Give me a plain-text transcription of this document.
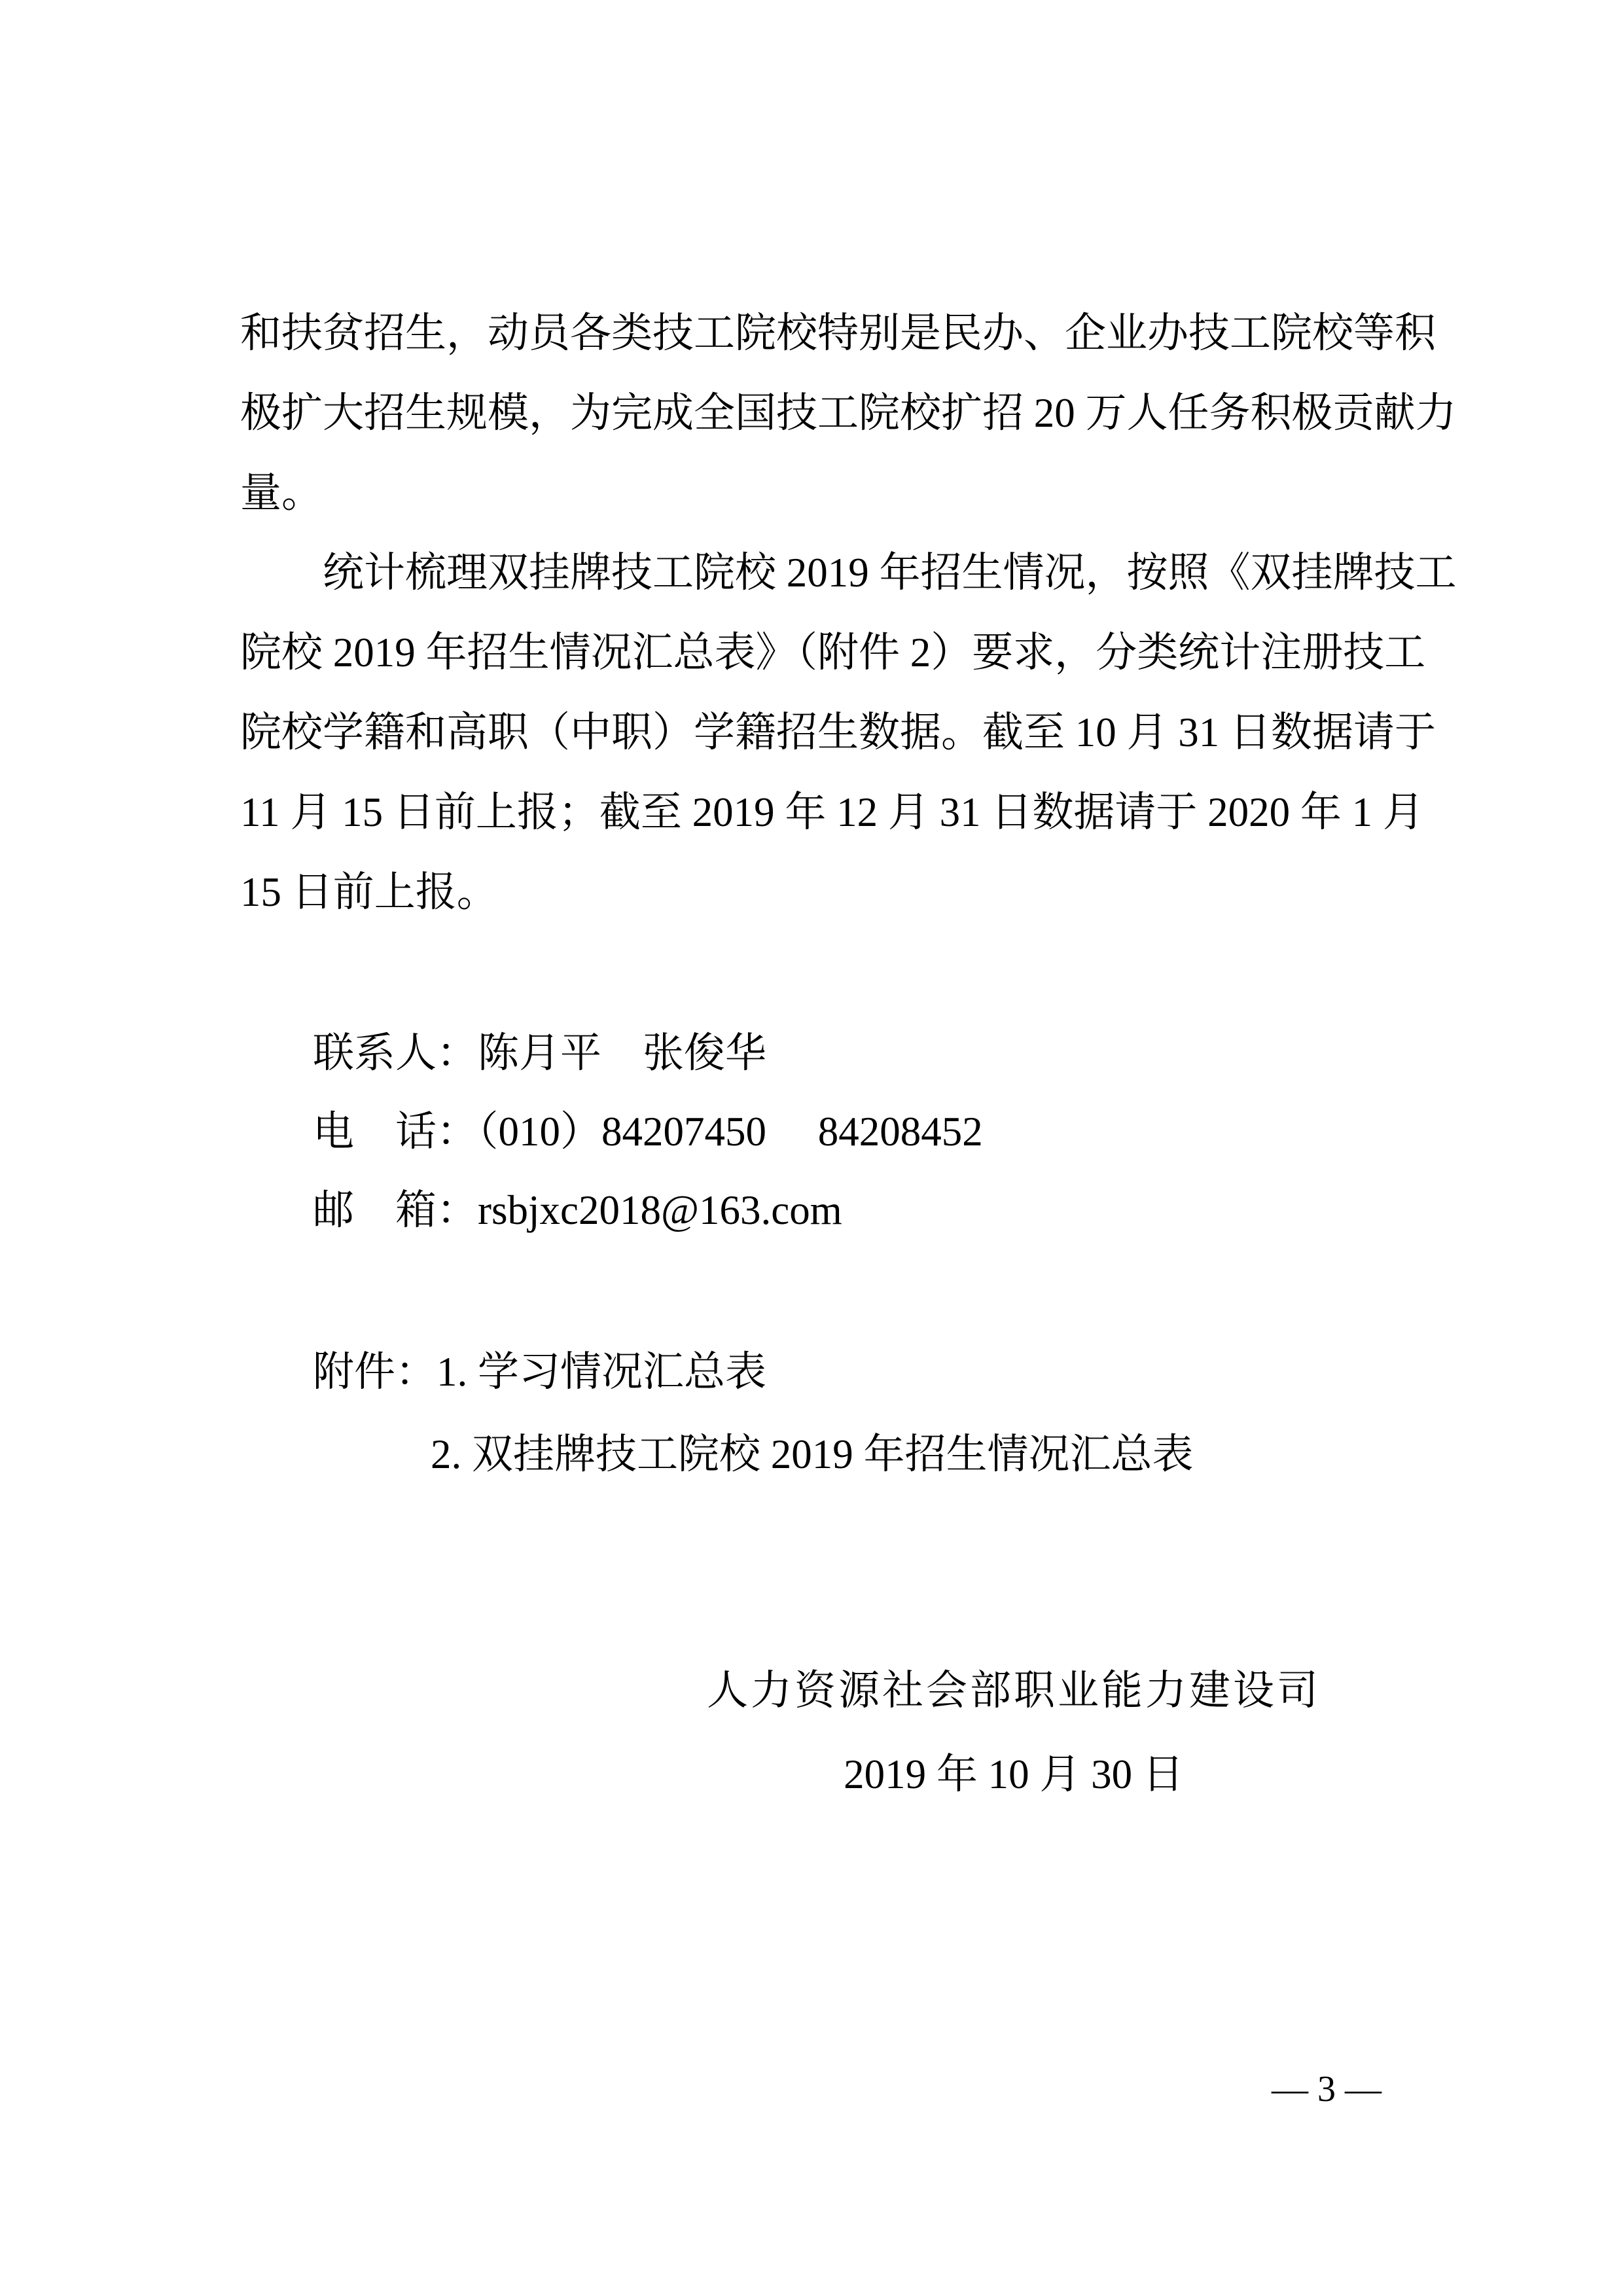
和扶贫招生，动员各类技工院校特别是民办、企业办技工院校等积
极扩大招生规模，为完成全国技工院校扩招 20 万人任务积极贡献力
量。
统计梳理双挂牌技工院校 2019 年招生情况，按照《双挂牌技工
院校 2019 年招生情况汇总表》（附件 2）要求，分类统计注册技工
院校学籍和高职（中职）学籍招生数据。截至 10 月 31 日数据请于
11 月 15 日前上报；截至 2019 年 12 月 31 日数据请于 2020 年 1 月
15 日前上报。
联系人：陈月平　张俊华
电　话：（010）84207450　 84208452
邮　箱：rsbjxc2018@163.com
附件：1. 学习情况汇总表
2. 双挂牌技工院校 2019 年招生情况汇总表
人力资源社会部职业能力建设司
2019 年 10 月 30 日
— 3 —
